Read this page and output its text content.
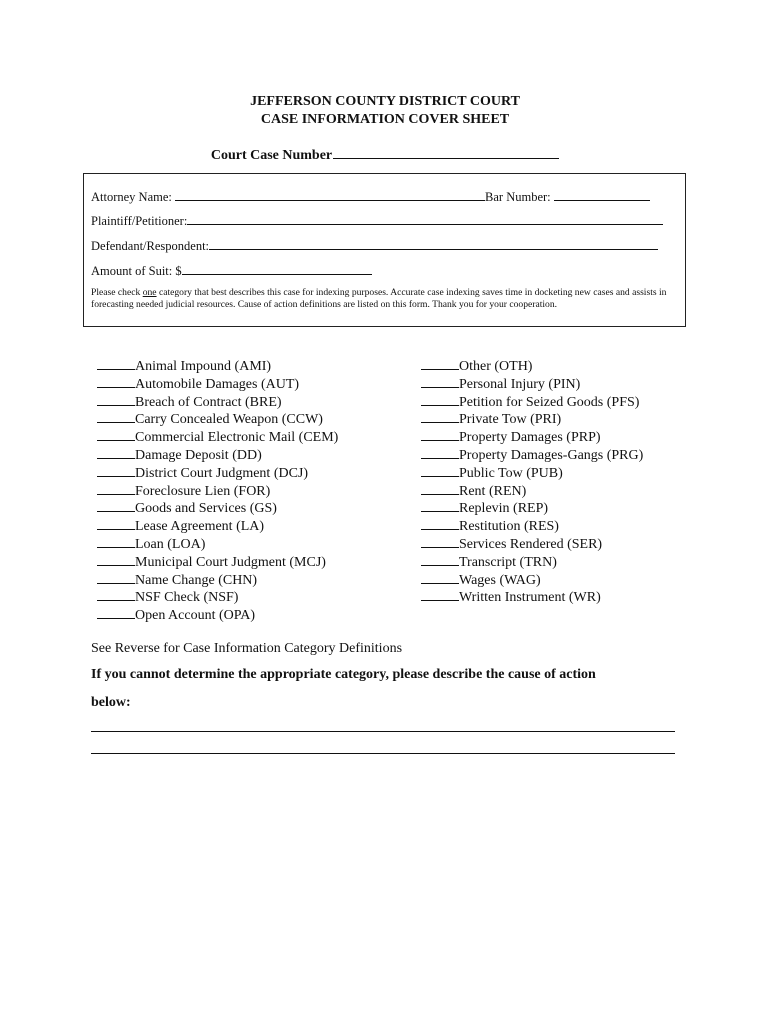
JEFFERSON COUNTY DISTRICT COURT
CASE INFORMATION COVER SHEET
Court Case Number
Attorney Name:	Bar Number:
Plaintiff/Petitioner:
Defendant/Respondent:
Amount of Suit: $
Please check one category that best describes this case for indexing purposes. Accurate case indexing saves time in docketing new cases and assists in forecasting needed judicial resources. Cause of action definitions are listed on this form. Thank you for your cooperation.
Animal Impound (AMI)
Automobile Damages (AUT)
Breach of Contract (BRE)
Carry Concealed Weapon (CCW)
Commercial Electronic Mail (CEM)
Damage Deposit (DD)
District Court Judgment (DCJ)
Foreclosure Lien (FOR)
Goods and Services (GS)
Lease Agreement (LA)
Loan (LOA)
Municipal Court Judgment (MCJ)
Name Change (CHN)
NSF Check (NSF)
Open Account (OPA)
Other (OTH)
Personal Injury (PIN)
Petition for Seized Goods (PFS)
Private Tow (PRI)
Property Damages (PRP)
Property Damages-Gangs (PRG)
Public Tow (PUB)
Rent (REN)
Replevin (REP)
Restitution (RES)
Services Rendered (SER)
Transcript (TRN)
Wages (WAG)
Written Instrument (WR)
See Reverse for Case Information Category Definitions
If you cannot determine the appropriate category, please describe the cause of action
below:
